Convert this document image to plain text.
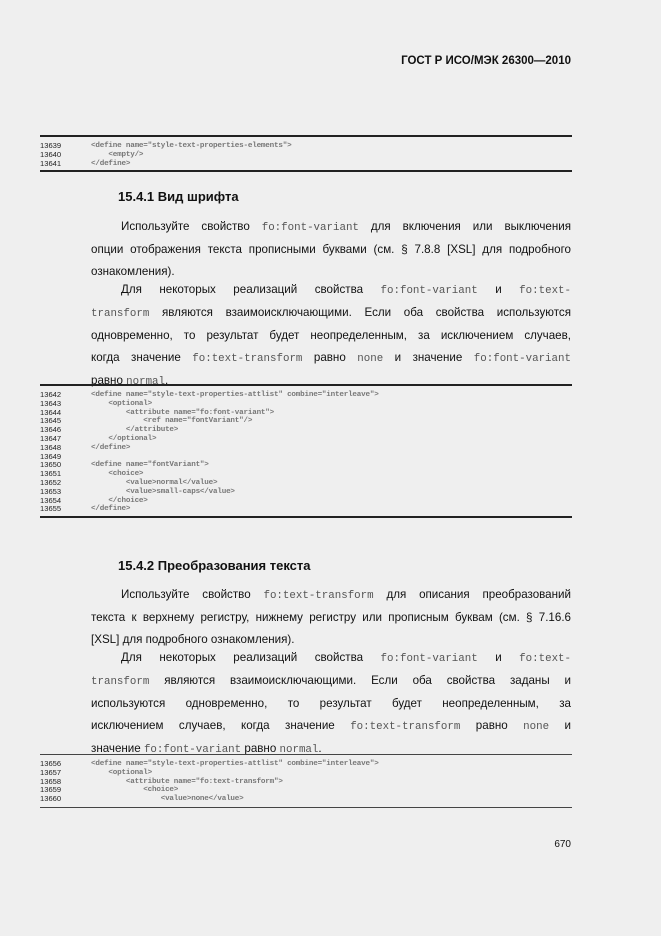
ГОСТ Р ИСО/МЭК 26300—2010
13639	<define name="style-text-properties-elements">
13640	<empty/>
13641	</define>
15.4.1 Вид шрифта
Используйте свойство fo:font-variant для включения или выключения
опции отображения текста прописными буквами (см. § 7.8.8 [XSL] для подробного
ознакомления).
Для некоторых реализаций свойства fo:font-variant и fo:text-
transform являются взаимоисключающими. Если оба свойства используются
одновременно, то результат будет неопределенным, за исключением случаев,
когда значение fo:text-transform равно none и значение fo:font-variant
равно normal.
13642	<define name="style-text-properties-attlist" combine="interleave">
13643	<optional>
13644	<attribute name="fo:font-variant">
13645	<ref name="fontVariant"/>
13646	</attribute>
13647	</optional>
13648	</define>
13649
13650	<define name="fontVariant">
13651	<choice>
13652	<value>normal</value>
13653	<value>small-caps</value>
13654	</choice>
13655	</define>
15.4.2 Преобразования текста
Используйте свойство fo:text-transform для описания преобразований
текста к верхнему регистру, нижнему регистру или прописным буквам (см. § 7.16.6
[XSL] для подробного ознакомления).
Для некоторых реализаций свойства fo:font-variant и fo:text-
transform являются взаимоисключающими. Если оба свойства заданы и
используются одновременно, то результат будет неопределенным, за
исключением случаев, когда значение fo:text-transform равно none и
значение fo:font-variant равно normal.
13656	<define name="style-text-properties-attlist" combine="interleave">
13657	<optional>
13658	<attribute name="fo:text-transform">
13659	<choice>
13660	<value>none</value>
670
